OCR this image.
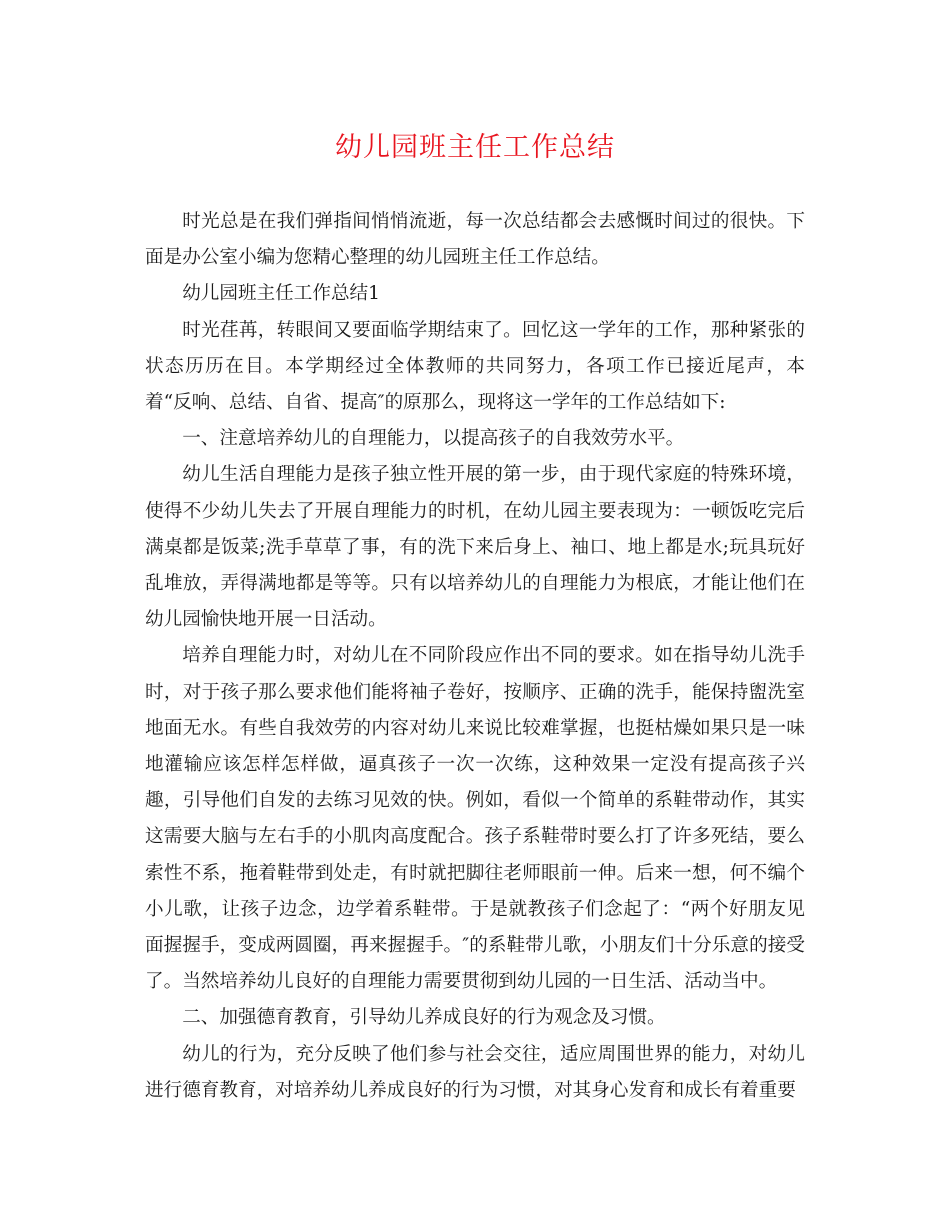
幼儿园班主任工作总结

时光总是在我们弹指间悄悄流逝，每一次总结都会去感慨时间过的很快。下面是办公室小编为您精心整理的幼儿园班主任工作总结。

幼儿园班主任工作总结1

时光荏苒，转眼间又要面临学期结束了。回忆这一学年的工作，那种紧张的状态历历在目。本学期经过全体教师的共同努力，各项工作已接近尾声，本着“反响、总结、自省、提高″的原那么，现将这一学年的工作总结如下:

一、注意培养幼儿的自理能力，以提高孩子的自我效劳水平。

幼儿生活自理能力是孩子独立性开展的第一步，由于现代家庭的特殊环境，使得不少幼儿失去了开展自理能力的时机，在幼儿园主要表现为：一顿饭吃完后满桌都是饭菜;洗手草草了事，有的洗下来后身上、袖口、地上都是水;玩具玩好乱堆放，弄得满地都是等等。只有以培养幼儿的自理能力为根底，才能让他们在幼儿园愉快地开展一日活动。

培养自理能力时，对幼儿在不同阶段应作出不同的要求。如在指导幼儿洗手时，对于孩子那么要求他们能将袖子卷好，按顺序、正确的洗手，能保持盥洗室地面无水。有些自我效劳的内容对幼儿来说比较难掌握，也挺枯燥如果只是一味地灌输应该怎样怎样做，逼真孩子一次一次练，这种效果一定没有提高孩子兴趣，引导他们自发的去练习见效的快。例如，看似一个简单的系鞋带动作，其实这需要大脑与左右手的小肌肉高度配合。孩子系鞋带时要么打了许多死结，要么索性不系，拖着鞋带到处走，有时就把脚往老师眼前一伸。后来一想，何不编个小儿歌，让孩子边念，边学着系鞋带。于是就教孩子们念起了：“两个好朋友见面握握手，变成两圆圈，再来握握手。″的系鞋带儿歌，小朋友们十分乐意的接受了。当然培养幼儿良好的自理能力需要贯彻到幼儿园的一日生活、活动当中。

二、加强德育教育，引导幼儿养成良好的行为观念及习惯。

幼儿的行为，充分反映了他们参与社会交往，适应周围世界的能力，对幼儿进行德育教育，对培养幼儿养成良好的行为习惯，对其身心发育和成长有着重要
